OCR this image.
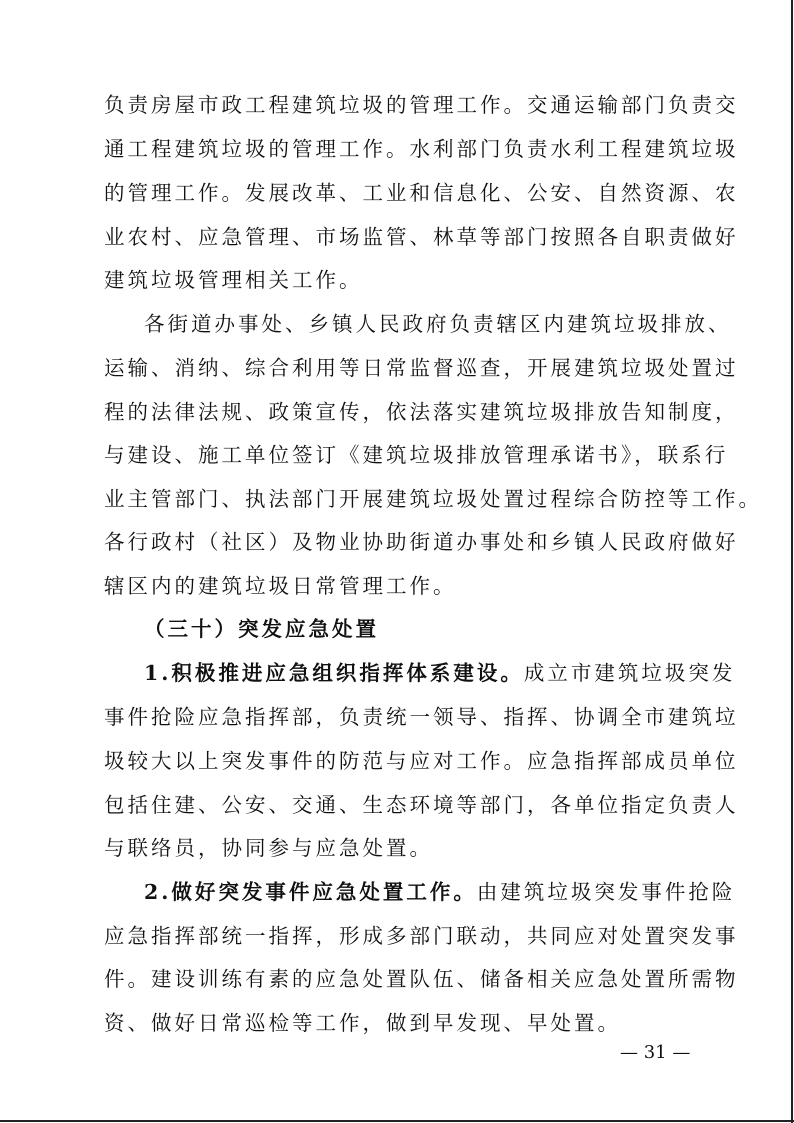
负责房屋市政工程建筑垃圾的管理工作。交通运输部门负责交
通工程建筑垃圾的管理工作。水利部门负责水利工程建筑垃圾
的管理工作。发展改革、工业和信息化、公安、自然资源、农
业农村、应急管理、市场监管、林草等部门按照各自职责做好
建筑垃圾管理相关工作。
各街道办事处、乡镇人民政府负责辖区内建筑垃圾排放、
运输、消纳、综合利用等日常监督巡查，开展建筑垃圾处置过
程的法律法规、政策宣传，依法落实建筑垃圾排放告知制度，
与建设、施工单位签订《建筑垃圾排放管理承诺书》，联系行
业主管部门、执法部门开展建筑垃圾处置过程综合防控等工作。
各行政村（社区）及物业协助街道办事处和乡镇人民政府做好
辖区内的建筑垃圾日常管理工作。
（三十）突发应急处置
1.积极推进应急组织指挥体系建设。成立市建筑垃圾突发
事件抢险应急指挥部，负责统一领导、指挥、协调全市建筑垃
圾较大以上突发事件的防范与应对工作。应急指挥部成员单位
包括住建、公安、交通、生态环境等部门，各单位指定负责人
与联络员，协同参与应急处置。
2.做好突发事件应急处置工作。由建筑垃圾突发事件抢险
应急指挥部统一指挥，形成多部门联动，共同应对处置突发事
件。建设训练有素的应急处置队伍、储备相关应急处置所需物
资、做好日常巡检等工作，做到早发现、早处置。
— 31 —
